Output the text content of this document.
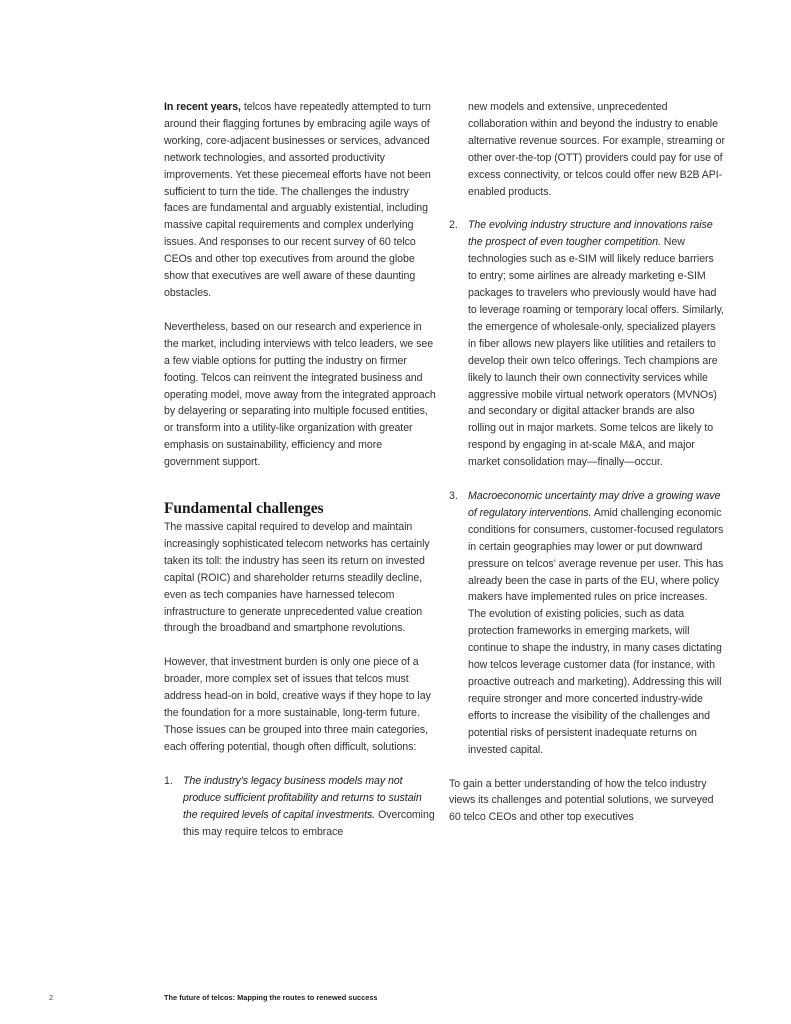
In recent years, telcos have repeatedly attempted to turn around their flagging fortunes by embracing agile ways of working, core-adjacent businesses or services, advanced network technologies, and assorted productivity improvements. Yet these piecemeal efforts have not been sufficient to turn the tide. The challenges the industry faces are fundamental and arguably existential, including massive capital requirements and complex underlying issues. And responses to our recent survey of 60 telco CEOs and other top executives from around the globe show that executives are well aware of these daunting obstacles.

Nevertheless, based on our research and experience in the market, including interviews with telco leaders, we see a few viable options for putting the industry on firmer footing. Telcos can reinvent the integrated business and operating model, move away from the integrated approach by delayering or separating into multiple focused entities, or transform into a utility-like organization with greater emphasis on sustainability, efficiency and more government support.

Fundamental challenges

The massive capital required to develop and maintain increasingly sophisticated telecom networks has certainly taken its toll: the industry has seen its return on invested capital (ROIC) and shareholder returns steadily decline, even as tech companies have harnessed telecom infrastructure to generate unprecedented value creation through the broadband and smartphone revolutions.

However, that investment burden is only one piece of a broader, more complex set of issues that telcos must address head-on in bold, creative ways if they hope to lay the foundation for a more sustainable, long-term future. Those issues can be grouped into three main categories, each offering potential, though often difficult, solutions:

1. The industry’s legacy business models may not produce sufficient profitability and returns to sustain the required levels of capital investments. Overcoming this may require telcos to embrace
new models and extensive, unprecedented collaboration within and beyond the industry to enable alternative revenue sources. For example, streaming or other over-the-top (OTT) providers could pay for use of excess connectivity, or telcos could offer new B2B API-enabled products.
2. The evolving industry structure and innovations raise the prospect of even tougher competition. New technologies such as e-SIM will likely reduce barriers to entry; some airlines are already marketing e-SIM packages to travelers who previously would have had to leverage roaming or temporary local offers. Similarly, the emergence of wholesale-only, specialized players in fiber allows new players like utilities and retailers to develop their own telco offerings. Tech champions are likely to launch their own connectivity services while aggressive mobile virtual network operators (MVNOs) and secondary or digital attacker brands are also rolling out in major markets. Some telcos are likely to respond by engaging in at-scale M&A, and major market consolidation may—finally—occur.
3. Macroeconomic uncertainty may drive a growing wave of regulatory interventions. Amid challenging economic conditions for consumers, customer-focused regulators in certain geographies may lower or put downward pressure on telcos’ average revenue per user. This has already been the case in parts of the EU, where policy makers have implemented rules on price increases. The evolution of existing policies, such as data protection frameworks in emerging markets, will continue to shape the industry, in many cases dictating how telcos leverage customer data (for instance, with proactive outreach and marketing). Addressing this will require stronger and more concerted industry-wide efforts to increase the visibility of the challenges and potential risks of persistent inadequate returns on invested capital.

To gain a better understanding of how the telco industry views its challenges and potential solutions, we surveyed 60 telco CEOs and other top executives

2	The future of telcos: Mapping the routes to renewed success
